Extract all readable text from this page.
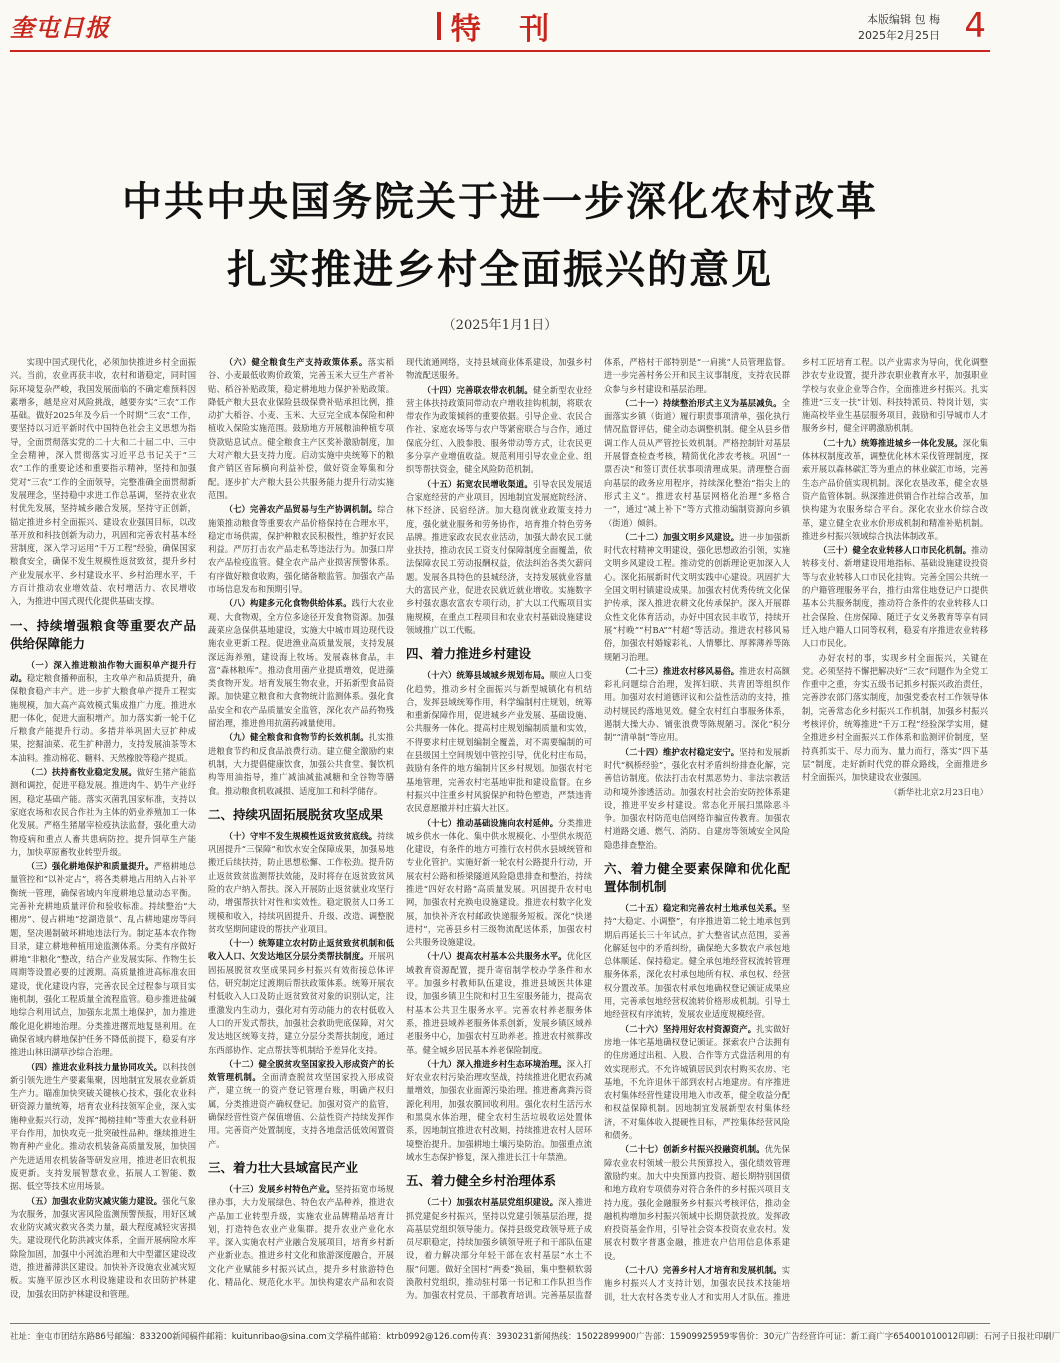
奎屯日报	特 刊	本版编辑 包 梅
2025年2月25日 4
中共中央国务院关于进一步深化农村改革
扎实推进乡村全面振兴的意见
（2025年1月1日）

实现中国式现代化，必须加快推进乡村全面振兴。当前，农业再获丰收，农村和谐稳定，同时国际环境复杂严峻，我国发展面临的不确定难预料因素增多，越是应对风险挑战，越要夯实“三农”工作基础。做好2025年及今后一个时期“三农”工作，要坚持以习近平新时代中国特色社会主义思想为指导，全面贯彻落实党的二十大和二十届二中、三中全会精神，深入贯彻落实习近平总书记关于“三农”工作的重要论述和重要指示精神，坚持和加强党对“三农”工作的全面领导，完整准确全面贯彻新发展理念，坚持稳中求进工作总基调，坚持农业农村优先发展，坚持城乡融合发展，坚持守正创新，锚定推进乡村全面振兴、建设农业强国目标，以改革开放和科技创新为动力，巩固和完善农村基本经营制度，深入学习运用“千万工程”经验，确保国家粮食安全，确保不发生规模性返贫致贫，提升乡村产业发展水平、乡村建设水平、乡村治理水平，千方百计推动农业增效益、农村增活力、农民增收入，为推进中国式现代化提供基础支撑。

一、持续增强粮食等重要农产品供给保障能力

（一）深入推进粮油作物大面积单产提升行动。稳定粮食播种面积，主攻单产和品质提升，确保粮食稳产丰产。进一步扩大粮食单产提升工程实施规模，加大高产高效模式集成推广力度。推进水肥一体化，促进大面积增产。加力落实新一轮千亿斤粮食产能提升行动。多措并举巩固大豆扩种成果，挖掘油菜、花生扩种潜力，支持发展油茶等木本油料。推动棉花、糖料、天然橡胶等稳产提质。

（二）扶持畜牧业稳定发展。做好生猪产能监测和调控，促进平稳发展。推进肉牛、奶牛产业纾困，稳定基础产能。落实灭菌乳国家标准，支持以家庭农场和农民合作社为主体的奶业养殖加工一体化发展。严格生猪屠宰检疫执法监督，强化重大动物疫病和重点人畜共患病防控。提升饲草生产能力，加快草原畜牧业转型升级。

（三）强化耕地保护和质量提升。严格耕地总量管控和“以补定占”，将各类耕地占用纳入占补平衡统一管理，确保省域内年度耕地总量动态平衡。完善补充耕地质量评价和验收标准。持续整治“大棚房”、侵占耕地“挖湖造景”、乱占耕地建房等问题，坚决遏制破坏耕地违法行为。制定基本农作物目录，建立耕地种植用途监测体系。分类有序做好耕地“非粮化”整改，结合产业发展实际、作物生长周期等设置必要的过渡期。高质量推进高标准农田建设，优化建设内容，完善农民全过程参与项目实施机制，强化工程质量全流程监管。稳步推进盐碱地综合利用试点，加强东北黑土地保护，加力推进酸化退化耕地治理。分类推进撂荒地复垦利用。在确保省域内耕地保护任务不降低前提下，稳妥有序推进山林田湖草沙综合治理。

（四）推进农业科技力量协同攻关。以科技创新引领先进生产要素集聚，因地制宜发展农业新质生产力。瞄准加快突破关键核心技术，强化农业科研资源力量统筹，培育农业科技领军企业，深入实施种业振兴行动，发挥“揭榜挂帅”等重大农业科研平台作用，加快攻克一批突破性品种。继续推进生物育种产业化。推动农机装备高质量发展，加快国产先进适用农机装备等研发应用，推进老旧农机报废更新。支持发展智慧农业，拓展人工智能、数据、低空等技术应用场景。

（五）加强农业防灾减灾能力建设。强化气象为农服务，加强灾害风险监测预警预报，用好区域农业防灾减灾救灾各类力量，最大程度减轻灾害损失。建设现代化防洪减灾体系，全面开展病险水库除险加固，加强中小河流治理和大中型灌区建设改造，推进蓄滞洪区建设。加快补齐设施农业减灾短板。实施平原沙区水利设施建设和农田防护林建设，加强农田防护林建设和管理。

（六）健全粮食生产支持政策体系。落实稻谷、小麦最低收购价政策，完善玉米大豆生产者补贴、稻谷补贴政策，稳定耕地地力保护补贴政策。降低产粮大县农业保险县级保费补贴承担比例，推动扩大稻谷、小麦、玉米、大豆完全成本保险和种植收入保险实施范围。鼓励地方开展粮油种植专项贷款贴息试点。健全粮食主产区奖补激励制度，加大对产粮大县支持力度。启动实施中央统筹下的粮食产销区省际横向利益补偿，做好资金筹集和分配。逐步扩大产粮大县公共服务能力提升行动实施范围。

（七）完善农产品贸易与生产协调机制。综合施策推动粮食等重要农产品价格保持在合理水平，稳定市场供需，保护种粮农民积极性，维护好农民利益。严厉打击农产品走私等违法行为。加强口岸农产品检疫监管。健全农产品产业损害预警体系。有序做好粮食收购，强化储备粮监管。加强农产品市场信息发布和预期引导。

（八）构建多元化食物供给体系。践行大农业观、大食物观，全方位多途径开发食物资源。加强蔬菜应急保供基地建设，实施大中城市周边现代设施农业更新工程。促进渔业高质量发展，支持发展深远海养殖，建设海上牧场。发展森林食品，丰富“森林粮库”。推动食用菌产业提质增效，促进藻类食物开发。培育发展生物农业，开拓新型食品资源。加快建立粮食和大食物统计监测体系。强化食品安全和农产品质量安全监管，深化农产品药物残留治理，推进兽用抗菌药减量使用。

（九）健全粮食和食物节约长效机制。扎实推进粮食节约和反食品浪费行动。建立健全激励约束机制，大力提倡健康饮食，加强公共食堂、餐饮机构等用油指导，推广减油减盐减糖和全谷物等膳食。推动粮食机收减损、适度加工和科学储存。

二、持续巩固拓展脱贫攻坚成果

（十）守牢不发生规模性返贫致贫底线。持续巩固提升“三保障”和饮水安全保障成果，加强易地搬迁后续扶持，防止思想松懈、工作松劲。提升防止返贫致贫监测帮扶效能，及时将存在返贫致贫风险的农户纳入帮扶。深入开展防止返贫就业攻坚行动，增强帮扶针对性和实效性。稳定脱贫人口务工规模和收入，持续巩固提升、升级、改造、调整脱贫攻坚期间建设的帮扶产业项目。

（十一）统筹建立农村防止返贫致贫机制和低收入人口、欠发达地区分层分类帮扶制度。开展巩固拓展脱贫攻坚成果同乡村振兴有效衔接总体评估，研究制定过渡期后帮扶政策体系。统筹开展农村低收入人口及防止返贫致贫对象的识别认定，注重激发内生动力，强化对有劳动能力的农村低收入人口的开发式帮扶，加强社会救助兜底保障，对欠发达地区统筹支持，建立分层分类帮扶制度，通过东西部协作、定点帮扶等机制给予差异化支持。

（十二）健全脱贫攻坚国家投入形成资产的长效管理机制。全面清查脱贫攻坚国家投入形成资产，建立统一的资产登记管理台账，明确产权归属，分类推进资产确权登记。加强对资产的监管，确保经营性资产保值增值、公益性资产持续发挥作用。完善资产处置制度，支持各地盘活低效闲置资产。

三、着力壮大县域富民产业

（十三）发展乡村特色产业。坚持拓宽市场规律办事，大力发展绿色、特色农产品种养，推进农产品加工业转型升级，实施农业品牌精品培育计划，打造特色农业产业集群。提升农业产业化水平。深入实施农村产业融合发展项目，培育乡村新产业新业态。推进乡村文化和旅游深度融合，开展文化产业赋能乡村振兴试点，提升乡村旅游特色化、精品化、规范化水平。加快构建农产品和农资现代流通网络，支持县域商业体系建设，加强乡村物流配送服务。

（十四）完善联农带农机制。健全新型农业经营主体扶持政策同带动农户增收挂钩机制，将联农带农作为政策倾斜的重要依据。引导企业、农民合作社、家庭农场等与农户等紧密联合与合作，通过保底分红、入股参股、服务带动等方式，让农民更多分享产业增值收益。规范利用引导农业企业、组织等帮扶资金，健全风险防范机制。

（十五）拓宽农民增收渠道。引导农民发展适合家庭经营的产业项目，因地制宜发展庭院经济、林下经济、民宿经济。加大稳岗就业政策支持力度，强化就业服务和劳务协作，培育推介特色劳务品牌。推进家政农民农业活动，加强大龄农民工就业扶持，推动农民工资支付保障制度全面覆盖，依法保障农民工劳动报酬权益，依法纠治各类欠薪问题。发展各具特色的县城经济，支持发展就业容量大的富民产业，促进农民就近就业增收。实施数字乡村强农惠农富农专项行动，扩大以工代赈项目实施规模，在重点工程项目和农业农村基础设施建设领域推广以工代赈。

四、着力推进乡村建设

（十六）统筹县域城乡规划布局。顺应人口变化趋势，推动乡村全面振兴与新型城镇化有机结合，发挥县域统筹作用，科学编制村庄规划，统筹和重新保障作用，促进城乡产业发展、基础设施、公共服务一体化。提高村庄规划编制质量和实效，不得要求村庄规划编制全覆盖，对不需要编制的可在县级国土空间规划中管控引导，优化村庄布局，鼓励有条件的地方编制片区乡村规划。加强农村宅基地管理，完善农村宅基地审批和建设监督。在乡村振兴中注重乡村风貌保护和特色塑造，严禁违背农民意愿撤并村庄搞大社区。

（十七）推动基础设施向农村延伸。分类推进城乡供水一体化、集中供水规模化、小型供水规范化建设，有条件的地方可推行农村供水县域统管和专业化管护。实施好新一轮农村公路提升行动，开展农村公路和桥梁隧道风险隐患排查和整治，持续推进“四好农村路”高质量发展。巩固提升农村电网，加强农村充换电设施建设。推进农村数字化发展，加快补齐农村邮政快递服务短板。深化“快递进村”，完善县乡村三级物流配送体系，加强农村公共服务设施建设。

（十八）提高农村基本公共服务水平。优化区域教育资源配置，提升寄宿制学校办学条件和水平。加强乡村教师队伍建设，推进县域医共体建设，加强乡镇卫生院和村卫生室服务能力，提高农村基本公共卫生服务水平。完善农村养老服务体系，推进县域养老服务体系创新，发展乡镇区域养老服务中心，加强农村互助养老。推进农村殡葬改革。健全城乡居民基本养老保险制度。

（十九）深入推进乡村生态环境治理。深入打好农业农村污染治理攻坚战，持续推进化肥农药减量增效，加强农业面源污染治理。推进畜禽粪污资源化利用，加强农膜回收利用。强化农村生活污水和黑臭水体治理，健全农村生活垃圾收运处置体系，因地制宜推进农村改厕，持续推进农村人居环境整治提升。加强耕地土壤污染防治。加强重点流域水生态保护修复，深入推进长江十年禁渔。

五、着力健全乡村治理体系

（二十）加强农村基层党组织建设。深入推进抓党建促乡村振兴，坚持以党建引领基层治理，提高基层党组织领导能力。保持县级党政领导班子成员尽职稳定，持续加强乡镇领导班子和干部队伍建设，着力解决部分年轻干部在农村基层“水土不服”问题。做好全国村“两委”换届，集中整顿软弱涣散村党组织，推动驻村第一书记和工作队担当作为。加强农村党员、干部教育培训。完善基层监督体系，严格村干部特别是“一肩挑”人员管理监督。进一步完善村务公开和民主议事制度，支持农民群众参与乡村建设和基层治理。

（二十一）持续整治形式主义为基层减负。全面落实乡镇（街道）履行职责事项清单，强化执行情况监督评估，健全动态调整机制。健全从县乡借调工作人员从严管控长效机制。严格控制针对基层开展督查检查考核，精简优化涉农考核。巩固“一票否决”和签订责任状事项清理成果。清理整合面向基层的政务应用程序，持续深化整治“指尖上的形式主义”。推进农村基层网格化治理“多格合一”，通过“减上补下”等方式推动编制资源向乡镇（街道）倾斜。

（二十二）加强文明乡风建设。进一步加强新时代农村精神文明建设，强化思想政治引领，实施文明乡风建设工程。推动党的创新理论更加深入人心。深化拓展新时代文明实践中心建设。巩固扩大全国文明村镇建设成果。加强农村优秀传统文化保护传承，深入推进农耕文化传承保护。深入开展群众性文化体育活动，办好中国农民丰收节，持续开展“村晚”“村BA”“村超”等活动。推进农村移风易俗，加强农村婚嫁彩礼、人情攀比、厚葬薄养等陈规陋习治理。

（二十三）推进农村移风易俗。推进农村高额彩礼问题综合治理，发挥妇联、共青团等组织作用。加强对农村道德评议和公益性活动的支持，推动村规民约落地见效。健全农村红白事服务体系，遏制大操大办、铺张浪费等陈规陋习。深化“积分制”“清单制”等应用。

（二十四）维护农村稳定安宁。坚持和发展新时代“枫桥经验”，强化农村矛盾纠纷排查化解，完善信访制度。依法打击农村黑恶势力、非法宗教活动和境外渗透活动。加强农村社会治安防控体系建设，推进平安乡村建设。常态化开展扫黑除恶斗争。加强农村防范电信网络诈骗宣传教育。加强农村道路交通、燃气、消防、自建房等领域安全风险隐患排查整治。

六、着力健全要素保障和优化配置体制机制

（二十五）稳定和完善农村土地承包关系。坚持“大稳定、小调整”，有序推进第二轮土地承包到期后再延长三十年试点，扩大整省试点范围，妥善化解延包中的矛盾纠纷，确保绝大多数农户承包地总体顺延、保持稳定。健全承包地经营权流转管理服务体系，深化农村承包地所有权、承包权、经营权分置改革。加强农村承包地确权登记颁证成果应用，完善承包地经营权流转价格形成机制。引导土地经营权有序流转，发展农业适度规模经营。

（二十六）坚持用好农村资源资产。扎实做好房地一体宅基地确权登记颁证。探索农户合法拥有的住房通过出租、入股、合作等方式盘活利用的有效实现形式。不允许城镇居民到农村购买农房、宅基地，不允许退休干部到农村占地建房。有序推进农村集体经营性建设用地入市改革，健全收益分配和权益保障机制。因地制宜发展新型农村集体经济，不对集体收入提硬性目标，严控集体经营风险和债务。

（二十七）创新乡村振兴投融资机制。优先保障农业农村领域一般公共预算投入，强化绩效管理激励约束。加大中央预算内投资、超长期特别国债和地方政府专项债券对符合条件的乡村振兴项目支持力度。强化金融服务乡村振兴考核评估，推动金融机构增加乡村振兴领域中长期贷款投放。发挥政府投资基金作用，引导社会资本投资农业农村。发展农村数字普惠金融，推进农户信用信息体系建设。

（二十八）完善乡村人才培育和发展机制。实施乡村振兴人才支持计划，加强农民技术技能培训，壮大农村各类专业人才和实用人才队伍。推进乡村工匠培育工程。以产业需求为导向，优化调整涉农专业设置，提升涉农职业教育水平，加强职业学校与农业企业等合作，全面推进乡村振兴。扎实推进“三支一扶”计划、科技特派员、特岗计划，实施高校毕业生基层服务项目，鼓励和引导城市人才服务乡村，健全评聘激励机制。

（二十九）统筹推进城乡一体化发展。深化集体林权制度改革，调整优化林木采伐管理制度，探索开展以森林碳汇等为重点的林业碳汇市场，完善生态产品价值实现机制。深化农垦改革，健全农垦资产监管体制。纵深推进供销合作社综合改革，加快构建为农服务综合平台。深化农业水价综合改革，建立健全农业水价形成机制和精准补贴机制。推进乡村振兴领域综合执法体制改革。

（三十）健全农业转移人口市民化机制。推动转移支付、新增建设用地指标、基础设施建设投资等与农业转移人口市民化挂钩。完善全国公共统一的户籍管理服务平台，推行由常住地登记户口提供基本公共服务制度，推动符合条件的农业转移人口社会保险、住房保障、随迁子女义务教育等享有同迁入地户籍人口同等权利，稳妥有序推进农业转移人口市民化。

办好农村的事，实现乡村全面振兴，关键在党。必须坚持不懈把解决好“三农”问题作为全党工作重中之重，夯实五级书记抓乡村振兴政治责任，完善涉农部门落实制度，加强党委农村工作领导体制，完善常态化乡村振兴工作机制，加强乡村振兴考核评价，统筹推进“千万工程”经验深学实用，健全推进乡村全面振兴工作体系和监测评价制度，坚持真抓实干、尽力而为、量力而行，落实“四下基层”制度，走好新时代党的群众路线，全面推进乡村全面振兴，加快建设农业强国。

（新华社北京2月23日电）

社址：奎屯市团结东路86号 邮编：833200 新闻稿件邮箱：kuitunribao@sina.com 文学稿件邮箱：ktrb0992@126.com 传真：3930231 新闻热线：15022899900 广告部：15909925959 零售价：30元 广告经营许可证：新工商广字654001010012 印刷：石河子日报社印刷厂
